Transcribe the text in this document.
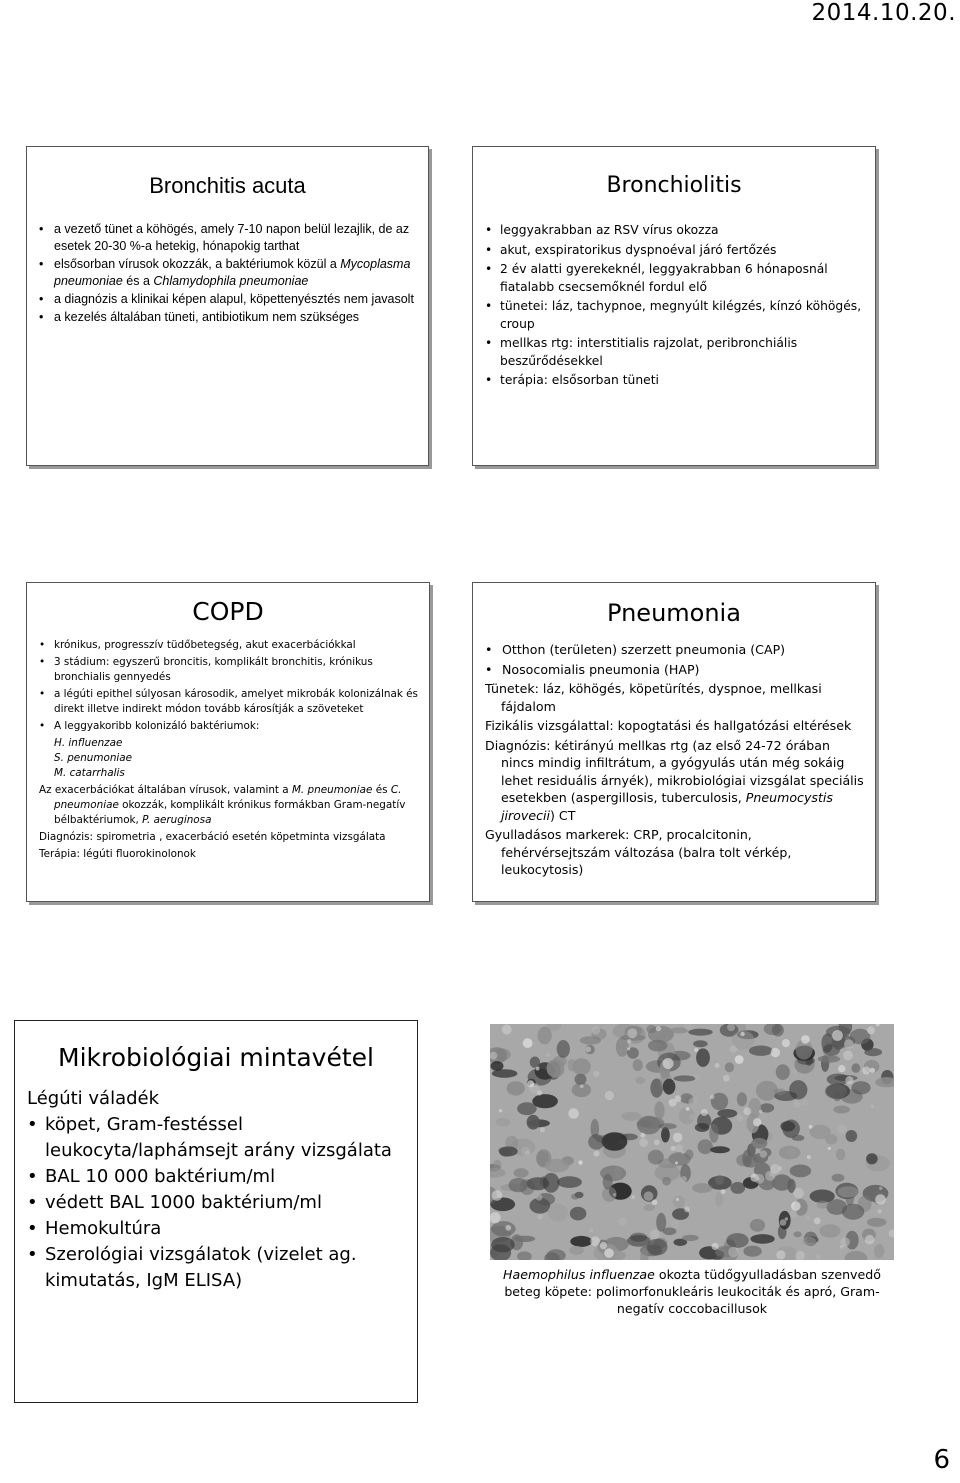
2014.10.20.
Bronchitis acuta
• a vezető tünet a köhögés, amely 7-10 napon belül lezajlik, de az esetek 20-30 %-a hetekig, hónapokig tarthat
• elsősorban vírusok okozzák, a baktériumok közül a Mycoplasma pneumoniae és a Chlamydophila pneumoniae
• a diagnózis a klinikai képen alapul, köpettenyésztés nem javasolt
• a kezelés általában tüneti, antibiotikum nem szükséges
Bronchiolitis
• leggyakrabban az RSV vírus okozza
• akut, exspiratorikus dyspnoéval járó fertőzés
• 2 év alatti gyerekeknél, leggyakrabban 6 hónaposnál fiatalabb csecsemőknél fordul elő
• tünetei: láz, tachypnoe, megnyúlt kilégzés, kínzó köhögés, croup
• mellkas rtg: interstitialis rajzolat, peribronchiális beszűrődésekkel
• terápia: elsősorban tüneti
COPD
• krónikus, progresszív tüdőbetegség, akut exacerbációkkal
• 3 stádium: egyszerű broncitis, komplikált bronchitis, krónikus bronchialis gennyedés
• a légúti epithel súlyosan károsodik, amelyet mikrobák kolonizálnak és direkt illetve indirekt módon tovább károsítják a szöveteket
• A leggyakoribb kolonizáló baktériumok:
H. influenzae
S. penumoniae
M. catarrhalis
Az exacerbációkat általában vírusok, valamint a M. pneumoniae és C. pneumoniae okozzák, komplikált krónikus formákban Gram-negatív bélbaktériumok, P. aeruginosa
Diagnózis: spirometria , exacerbáció esetén köpetminta vizsgálata
Terápia: légúti fluorokinolonok
Pneumonia
• Otthon (területen) szerzett pneumonia (CAP)
• Nosocomialis pneumonia (HAP)
Tünetek: láz, köhögés, köpetürítés, dyspnoe, mellkasi fájdalom
Fizikális vizsgálattal: kopogtatási és hallgatózási eltérések
Diagnózis: kétirányú mellkas rtg (az első 24-72 órában nincs mindig infiltrátum, a gyógyulás után még sokáig lehet residuális árnyék), mikrobiológiai vizsgálat speciális esetekben (aspergillosis, tuberculosis, Pneumocystis jirovecii) CT
Gyulladásos markerek: CRP, procalcitonin, fehérvérsejtszám változása (balra tolt vérkép, leukocytosis)
Mikrobiológiai mintavétel
Légúti váladék
• köpet, Gram-festéssel leukocyta/laphámsejt arány vizsgálata
• BAL 10 000 baktérium/ml
• védett BAL 1000 baktérium/ml
• Hemokultúra
• Szerológiai vizsgálatok (vizelet ag. kimutatás, IgM ELISA)	Haemophilus influenzae okozta tüdőgyulladásban szenvedő beteg köpete: polimorfonukleáris leukociták és apró, Gram-negatív coccobacillusok
6
